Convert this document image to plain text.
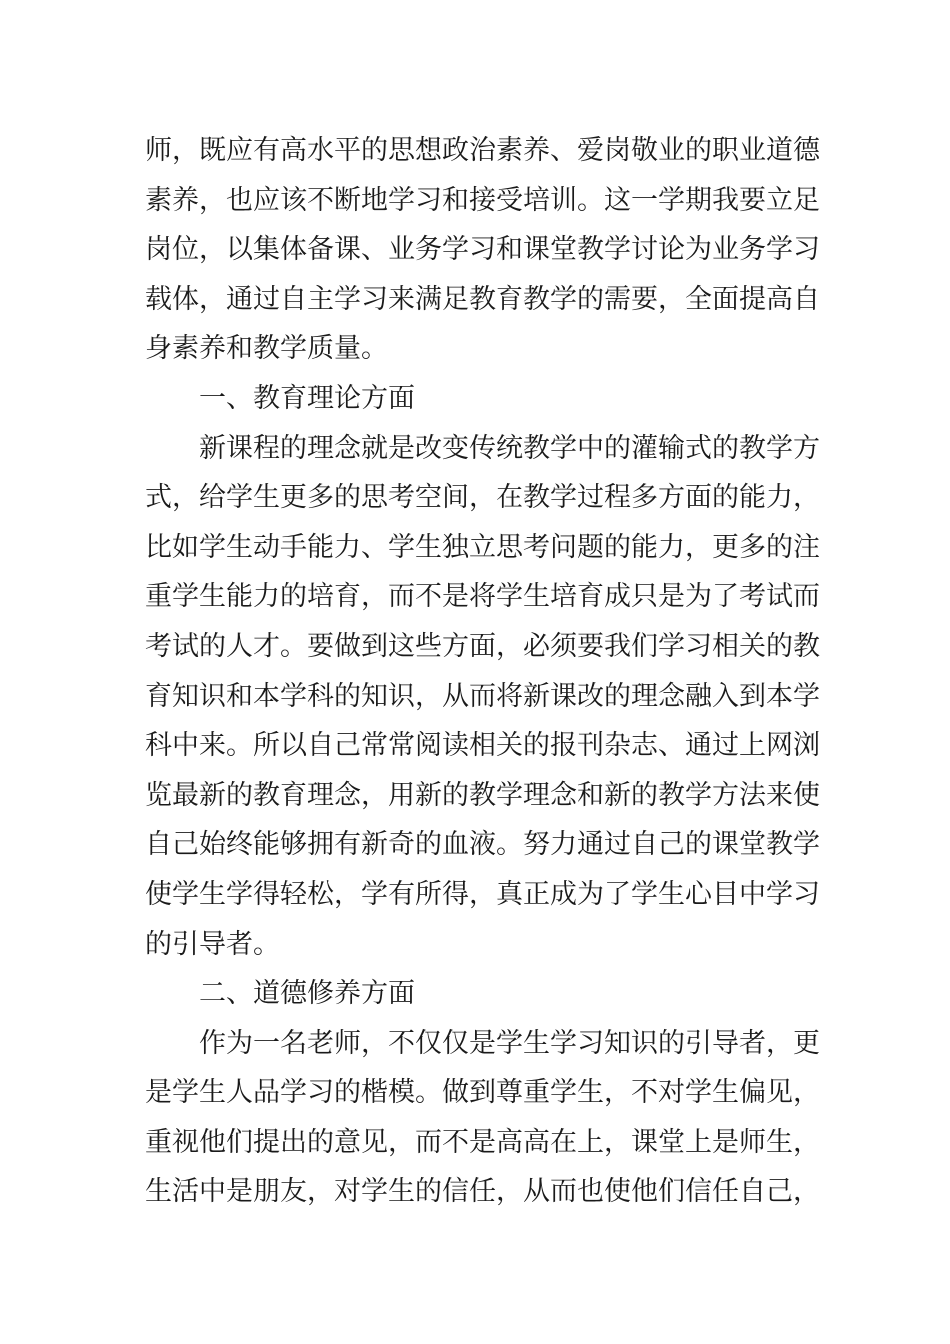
师，既应有高水平的思想政治素养、爱岗敬业的职业道德
素养，也应该不断地学习和接受培训。这一学期我要立足
岗位，以集体备课、业务学习和课堂教学讨论为业务学习
载体，通过自主学习来满足教育教学的需要，全面提高自
身素养和教学质量。
一、教育理论方面
新课程的理念就是改变传统教学中的灌输式的教学方
式，给学生更多的思考空间，在教学过程多方面的能力，
比如学生动手能力、学生独立思考问题的能力，更多的注
重学生能力的培育，而不是将学生培育成只是为了考试而
考试的人才。要做到这些方面，必须要我们学习相关的教
育知识和本学科的知识，从而将新课改的理念融入到本学
科中来。所以自己常常阅读相关的报刊杂志、通过上网浏
览最新的教育理念，用新的教学理念和新的教学方法来使
自己始终能够拥有新奇的血液。努力通过自己的课堂教学
使学生学得轻松，学有所得，真正成为了学生心目中学习
的引导者。
二、道德修养方面
作为一名老师，不仅仅是学生学习知识的引导者，更
是学生人品学习的楷模。做到尊重学生，不对学生偏见，
重视他们提出的意见，而不是高高在上，课堂上是师生，
生活中是朋友，对学生的信任，从而也使他们信任自己，
